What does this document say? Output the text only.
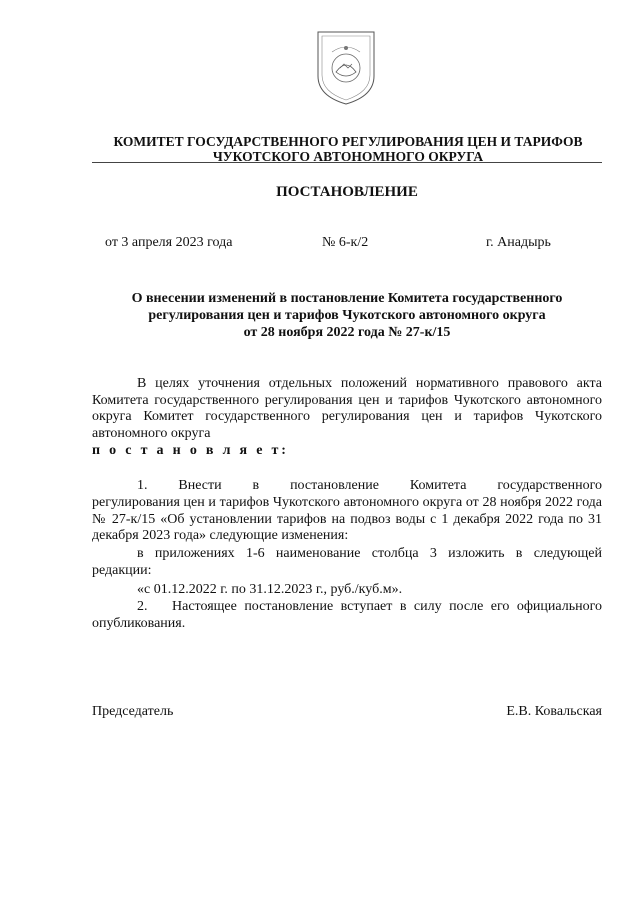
КОМИТЕТ ГОСУДАРСТВЕННОГО РЕГУЛИРОВАНИЯ ЦЕН И ТАРИФОВ
ЧУКОТСКОГО АВТОНОМНОГО ОКРУГА
ПОСТАНОВЛЕНИЕ
от 3 апреля 2023 года	№ 6-к/2	г. Анадырь
О внесении изменений в постановление Комитета государственного
регулирования цен и тарифов Чукотского автономного округа
от 28 ноября 2022 года № 27-к/15

В целях уточнения отдельных положений нормативного правового акта Комитета государственного регулирования цен и тарифов Чукотского автономного округа Комитет государственного регулирования цен и тарифов Чукотского автономного округа

п о с т а н о в л я е т:
1. Внести в постановление Комитета государственного

регулирования цен и тарифов Чукотского автономного округа от 28 ноября 2022 года № 27-к/15 «Об установлении тарифов на подвоз воды с 1 декабря 2022 года по 31 декабря 2023 года» следующие изменения:

в приложениях 1-6 наименование столбца 3 изложить в следующей редакции:

«с 01.12.2022 г. по 31.12.2023 г., руб./куб.м».
2.	Настоящее постановление вступает в силу после его официального опубликования.

Председатель	Е.В. Ковальская
